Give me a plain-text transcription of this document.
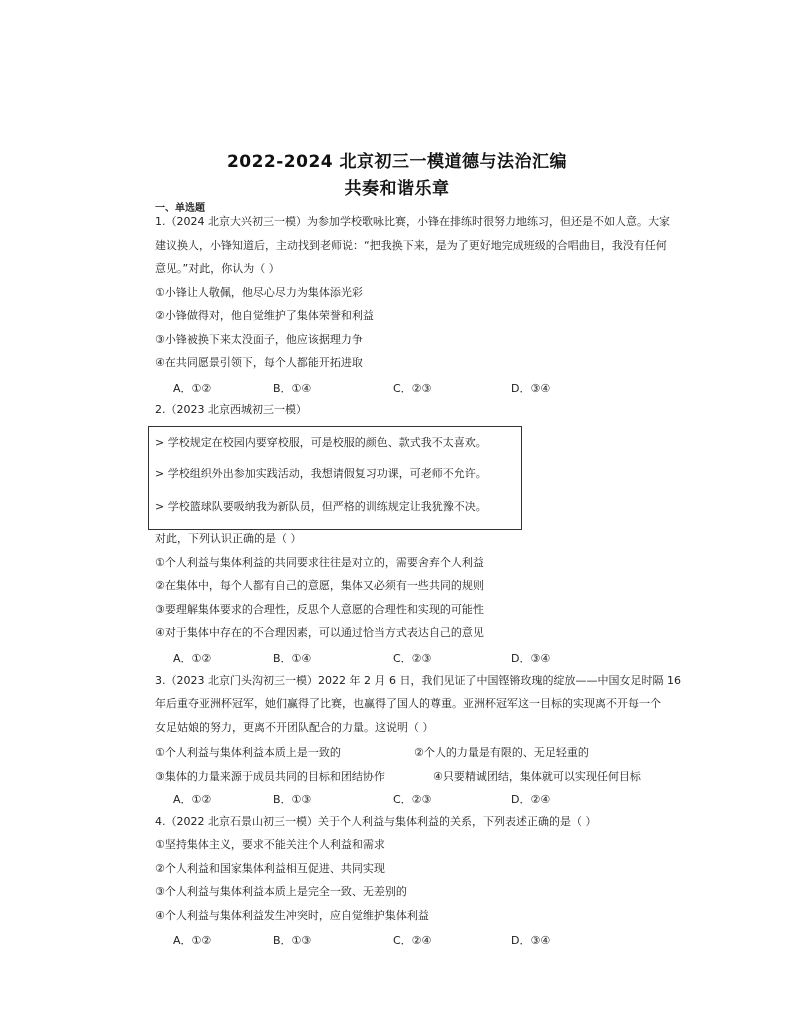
2022-2024 北京初三一模道德与法治汇编
共奏和谐乐章
一、单选题
1.（2024 北京大兴初三一模）为参加学校歌咏比赛，小锋在排练时很努力地练习，但还是不如人意。大家
建议换人，小锋知道后，主动找到老师说：“把我换下来，是为了更好地完成班级的合唱曲目，我没有任何
意见。”对此，你认为（ ）
①小锋让人敬佩，他尽心尽力为集体添光彩
②小锋做得对，他自觉维护了集体荣誉和利益
③小锋被换下来太没面子，他应该据理力争
④在共同愿景引领下，每个人都能开拓进取
A．①②	B．①④	C．②③	D．③④
2.（2023 北京西城初三一模）
> 学校规定在校园内要穿校服，可是校服的颜色、款式我不太喜欢。
> 学校组织外出参加实践活动，我想请假复习功课，可老师不允许。
> 学校篮球队要吸纳我为新队员，但严格的训练规定让我犹豫不决。
对此，下列认识正确的是（ ）
①个人利益与集体利益的共同要求往往是对立的，需要舍弃个人利益
②在集体中，每个人都有自己的意愿，集体又必须有一些共同的规则
③要理解集体要求的合理性，反思个人意愿的合理性和实现的可能性
④对于集体中存在的不合理因素，可以通过恰当方式表达自己的意见
A．①②	B．①④	C．②③	D．③④
3.（2023 北京门头沟初三一模）2022 年 2 月 6 日，我们见证了中国铿锵玫瑰的绽放——中国女足时隔 16
年后重夺亚洲杯冠军，她们赢得了比赛，也赢得了国人的尊重。亚洲杯冠军这一目标的实现离不开每一个
女足姑娘的努力，更离不开团队配合的力量。这说明（ ）
①个人利益与集体利益本质上是一致的	②个人的力量是有限的、无足轻重的
③集体的力量来源于成员共同的目标和团结协作	④只要精诚团结，集体就可以实现任何目标
A．①②	B．①③	C．②③	D．②④
4.（2022 北京石景山初三一模）关于个人利益与集体利益的关系，下列表述正确的是（ ）
①坚持集体主义，要求不能关注个人利益和需求
②个人利益和国家集体利益相互促进、共同实现
③个人利益与集体利益本质上是完全一致、无差别的
④个人利益与集体利益发生冲突时，应自觉维护集体利益
A．①②	B．①③	C．②④	D．③④
